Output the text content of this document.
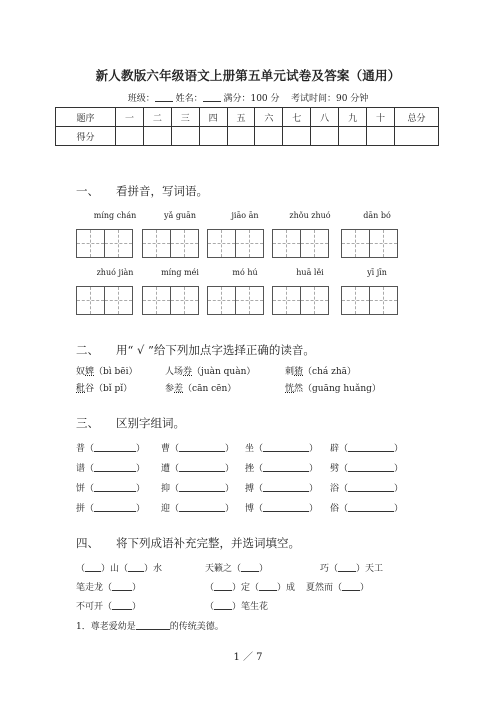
新人教版六年级语文上册第五单元试卷及答案（通用）
班级： 姓名： 满分：100 分 考试时间：90 分钟
题序	一	二	三	四	五	六	七	八	九	十	总分
得分											
一、 看拼音，写词语。
míng chán	yǎ guān	jiāo ān	zhǒu zhuó	dān bó
zhuó jiàn	míng méi	mó hú	huā lěi	yī jīn
二、 用“ √ ”给下列加点字选择正确的读音。
奴婢（bì bēi）	人场券（juàn quàn）	刺猹（chá zhā）
秕谷（bǐ pǐ）	参差（cān cēn）	恍然（guāng huǎng）
三、 区别字组词。
普（	） 曹（	） 坐（	） 辟（	）
谱（	） 遭（	） 挫（	） 劈（	）
饼（	） 抑（	） 搏（	） 浴（	）
拼（	） 迎（	） 博（	） 俗（	）
四、 将下列成语补充完整，并选词填空。
（ ）山（ ）水	天籁之（ ）	巧（ ）天工
笔走龙（ ）	（ ）定（ ）成 夏然而（ ）
不可开（ ）	（ ）笔生花
1．尊老爱幼是	的传统美德。
1 ／ 7
